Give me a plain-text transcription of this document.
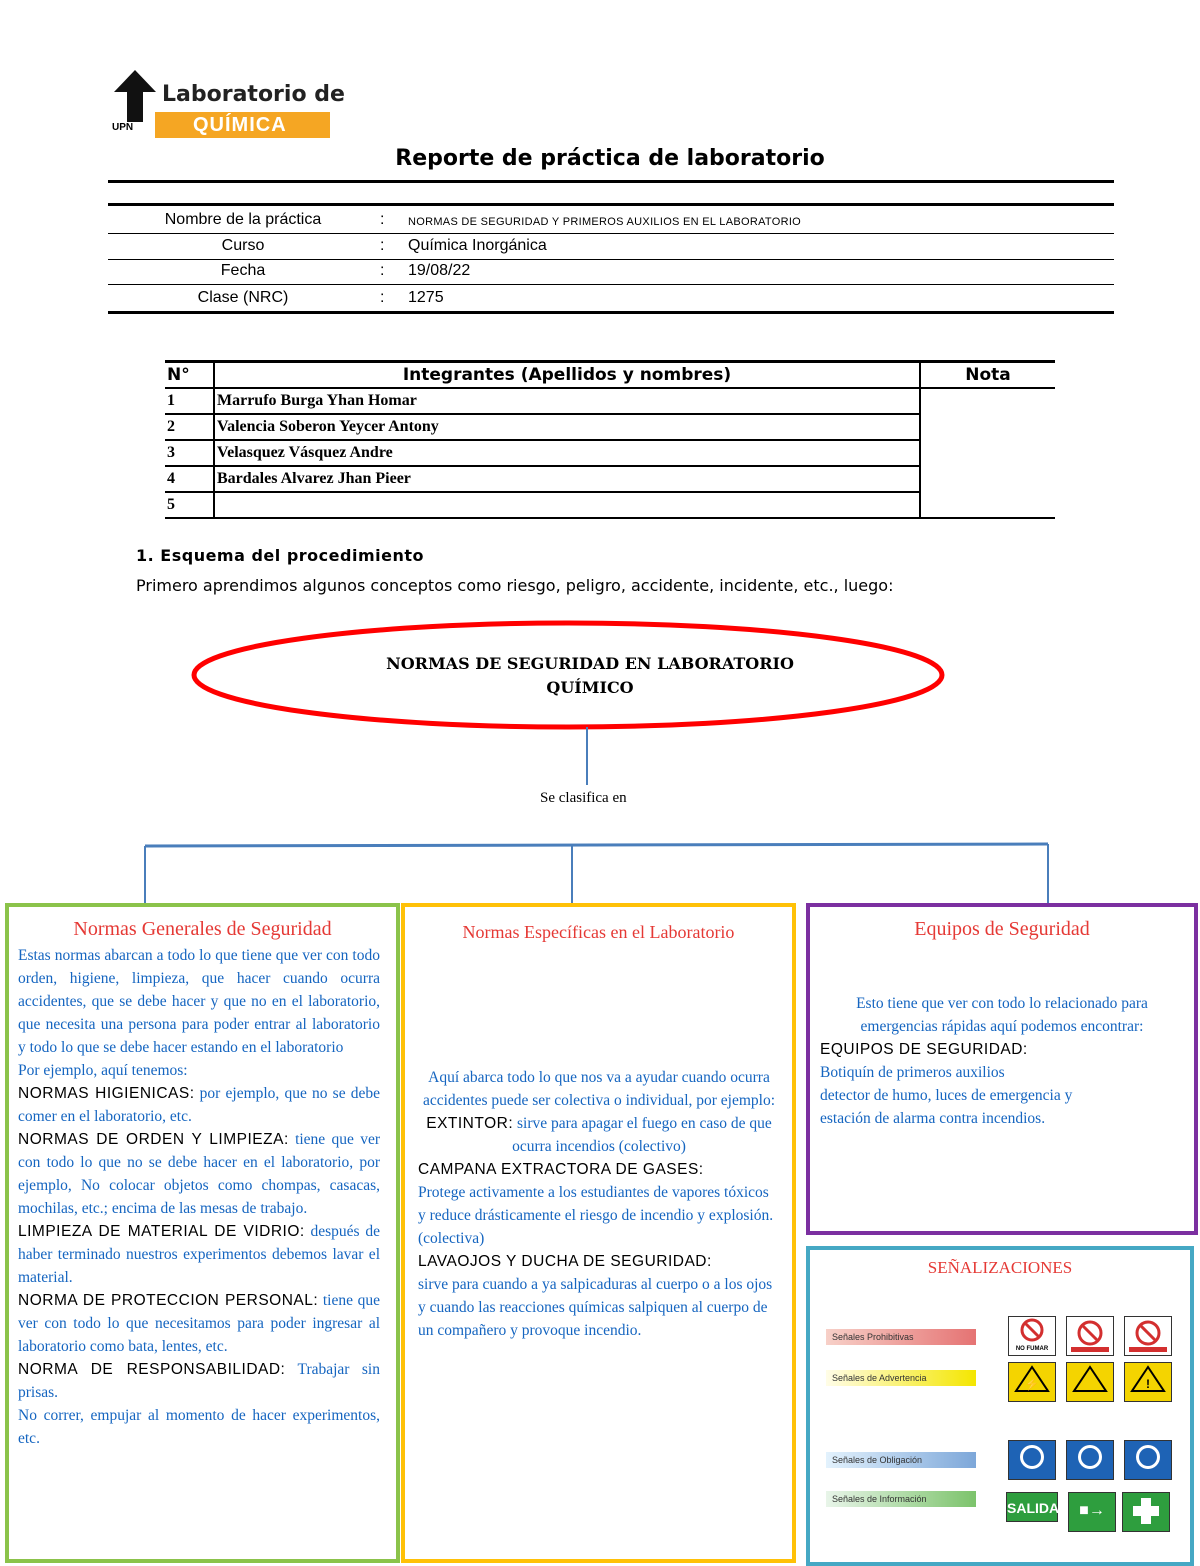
UPN
Laboratorio de
QUÍMICA
Reporte de práctica de laboratorio
Nombre de la práctica	: NORMAS DE SEGURIDAD Y PRIMEROS AUXILIOS EN EL LABORATORIO
Curso	: Química Inorgánica
Fecha	: 19/08/22
Clase (NRC)	: 1275
N°	Integrantes (Apellidos y nombres)	Nota
1	Marrufo Burga Yhan Homar	
2	Valencia Soberon Yeycer Antony	
3	Velasquez Vásquez Andre	
4	Bardales Alvarez Jhan Pieer	
5		
1. Esquema del procedimiento
Primero aprendimos algunos conceptos como riesgo, peligro, accidente, incidente, etc., luego:
NORMAS DE SEGURIDAD EN LABORATORIO
QUÍMICO
Se clasifica en
Normas Generales de Seguridad
Estas normas abarcan a todo lo que tiene que ver con todo orden, higiene, limpieza, que hacer cuando ocurra accidentes, que se debe hacer y que no en el laboratorio, que necesita una persona para poder entrar al laboratorio y todo lo que se debe hacer estando en el laboratorio
Por ejemplo, aquí tenemos:
NORMAS HIGIENICAS: por ejemplo, que no se debe comer en el laboratorio, etc.
NORMAS DE ORDEN Y LIMPIEZA: tiene que ver con todo lo que no se debe hacer en el laboratorio, por ejemplo, No colocar objetos como chompas, casacas, mochilas, etc.; encima de las mesas de trabajo.
LIMPIEZA DE MATERIAL DE VIDRIO: después de haber terminado nuestros experimentos debemos lavar el material.
NORMA DE PROTECCION PERSONAL: tiene que ver con todo lo que necesitamos para poder ingresar al laboratorio como bata, lentes, etc.
NORMA DE RESPONSABILIDAD: Trabajar sin prisas.
No correr, empujar al momento de hacer experimentos, etc.
Normas Específicas en el Laboratorio
Aquí abarca todo lo que nos va a ayudar cuando ocurra accidentes puede ser colectiva o individual, por ejemplo:
EXTINTOR: sirve para apagar el fuego en caso de que ocurra incendios (colectivo)
CAMPANA EXTRACTORA DE GASES:
Protege activamente a los estudiantes de vapores tóxicos y reduce drásticamente el riesgo de incendio y explosión. (colectiva)
LAVAOJOS Y DUCHA DE SEGURIDAD:
sirve para cuando a ya salpicaduras al cuerpo o a los ojos y cuando las reacciones químicas salpiquen al cuerpo de un compañero y provoque incendio.
Equipos de Seguridad
Esto tiene que ver con todo lo relacionado para emergencias rápidas aquí podemos encontrar:
EQUIPOS DE SEGURIDAD:
Botiquín de primeros auxilios
detector de humo, luces de emergencia y
estación de alarma contra incendios.
SEÑALIZACIONES
Señales Prohibitivas
Señales de Advertencia
Señales de Obligación
Señales de Información
NO FUMAR
⚡	!
SALIDA	■→
